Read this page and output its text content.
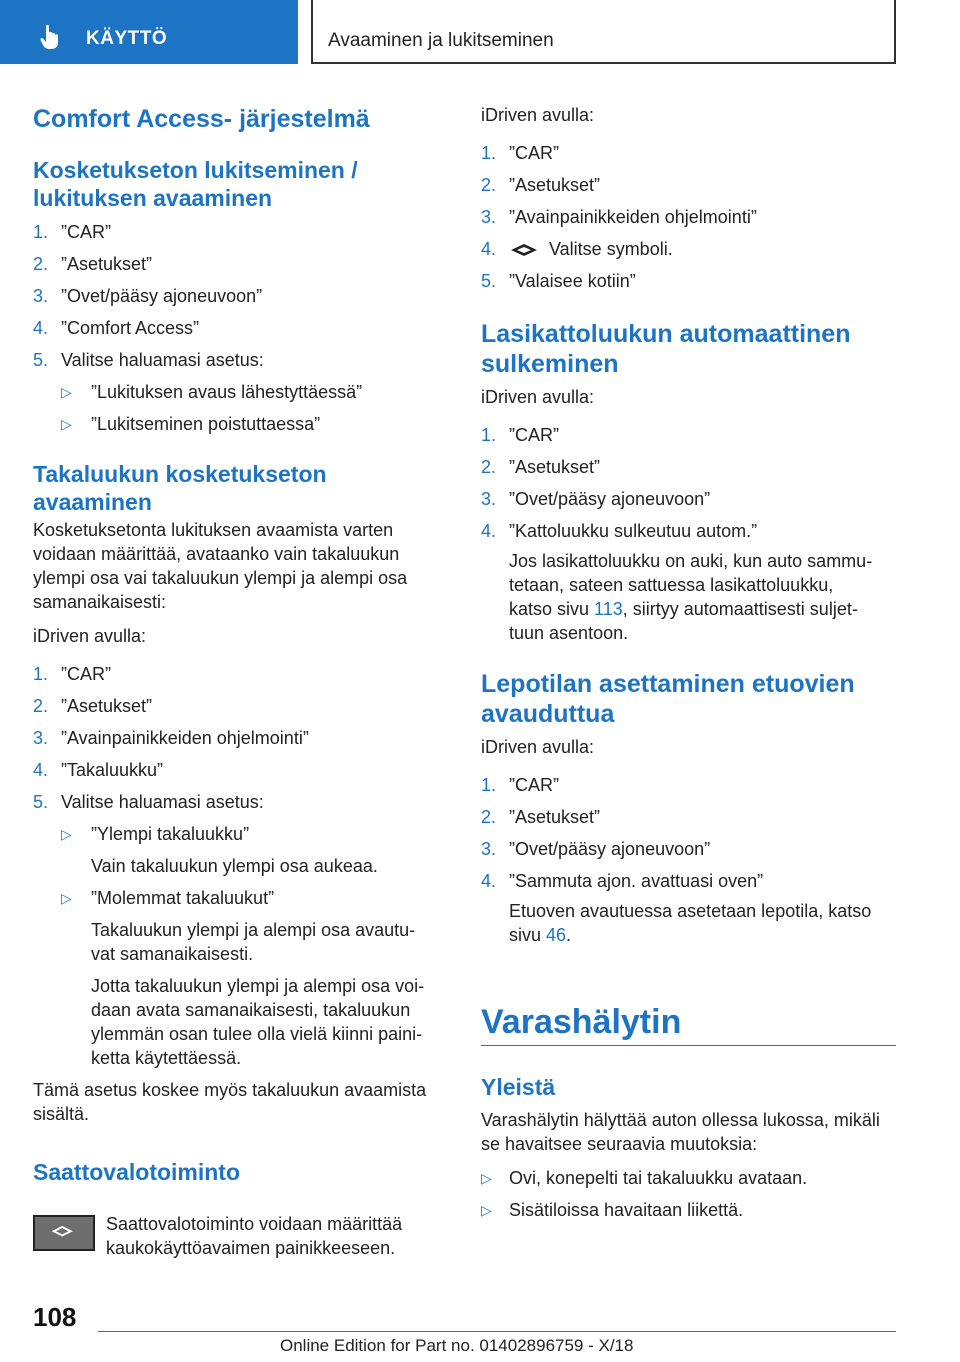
KÄYTTÖ	Avaaminen ja lukitseminen
Comfort Access- järjestelmä
Kosketukseton lukitseminen /
lukituksen avaaminen
1. ”CAR”
2. ”Asetukset”
3. ”Ovet/pääsy ajoneuvoon”
4. ”Comfort Access”
5. Valitse haluamasi asetus:
▷ ”Lukituksen avaus lähestyttäessä”
▷ ”Lukitseminen poistuttaessa”
Takaluukun kosketukseton
avaaminen
Kosketuksetonta lukituksen avaamista varten
voidaan määrittää, avataanko vain takaluukun
ylempi osa vai takaluukun ylempi ja alempi osa
samanaikaisesti:
iDriven avulla:
1. ”CAR”
2. ”Asetukset”
3. ”Avainpainikkeiden ohjelmointi”
4. ”Takaluukku”
5. Valitse haluamasi asetus:
▷ ”Ylempi takaluukku”
Vain takaluukun ylempi osa aukeaa.
▷ ”Molemmat takaluukut”
Takaluukun ylempi ja alempi osa avautu-
vat samanaikaisesti.
Jotta takaluukun ylempi ja alempi osa voi-
daan avata samanaikaisesti, takaluukun
ylemmän osan tulee olla vielä kiinni paini-
ketta käytettäessä.
Tämä asetus koskee myös takaluukun avaamista
sisältä.
Saattovalotoiminto
Saattovalotoiminto voidaan määrittää
kaukokäyttöavaimen painikkeeseen.
iDriven avulla:
1. ”CAR”
2. ”Asetukset”
3. ”Avainpainikkeiden ohjelmointi”
4.	Valitse symboli.
5. ”Valaisee kotiin”
Lasikattoluukun automaattinen
sulkeminen
iDriven avulla:
1. ”CAR”
2. ”Asetukset”
3. ”Ovet/pääsy ajoneuvoon”
4. ”Kattoluukku sulkeutuu autom.”
Jos lasikattoluukku on auki, kun auto sammu-
tetaan, sateen sattuessa lasikattoluukku,
katso sivu 113, siirtyy automaattisesti suljet-
tuun asentoon.
Lepotilan asettaminen etuovien
avauduttua
iDriven avulla:
1. ”CAR”
2. ”Asetukset”
3. ”Ovet/pääsy ajoneuvoon”
4. ”Sammuta ajon. avattuasi oven”
Etuoven avautuessa asetetaan lepotila, katso
sivu 46.
Varashälytin
Yleistä
Varashälytin hälyttää auton ollessa lukossa, mikäli
se havaitsee seuraavia muutoksia:
▷ Ovi, konepelti tai takaluukku avataan.
▷ Sisätiloissa havaitaan liikettä.
108
Online Edition for Part no. 01402896759 - X/18
